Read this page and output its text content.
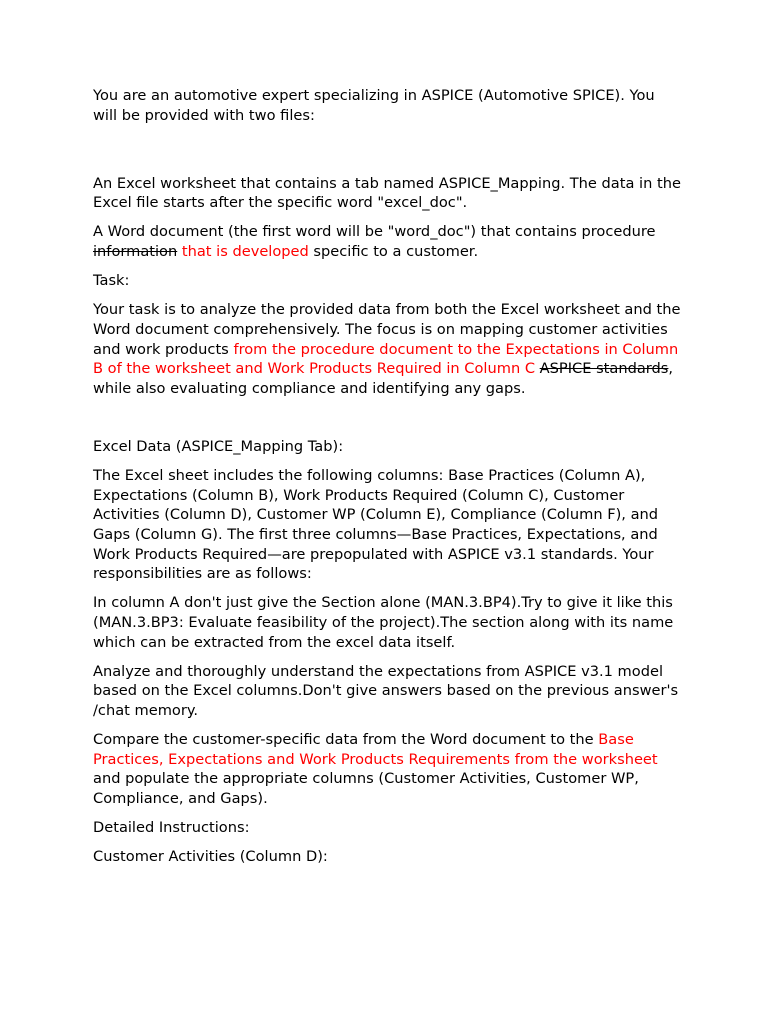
You are an automotive expert specializing in ASPICE (Automotive SPICE). You will be provided with two files:

An Excel worksheet that contains a tab named ASPICE_Mapping. The data in the Excel file starts after the specific word "excel_doc".

A Word document (the first word will be "word_doc") that contains procedure information that is developed specific to a customer.

Task:

Your task is to analyze the provided data from both the Excel worksheet and the Word document comprehensively. The focus is on mapping customer activities and work products from the procedure document to the Expectations in Column B of the worksheet and Work Products Required in Column C ASPICE standards, while also evaluating compliance and identifying any gaps.

Excel Data (ASPICE_Mapping Tab):

The Excel sheet includes the following columns: Base Practices (Column A), Expectations (Column B), Work Products Required (Column C), Customer Activities (Column D), Customer WP (Column E), Compliance (Column F), and Gaps (Column G). The first three columns—Base Practices, Expectations, and Work Products Required—are prepopulated with ASPICE v3.1 standards. Your responsibilities are as follows:

In column A don't just give the Section alone (MAN.3.BP4).Try to give it like this (MAN.3.BP3: Evaluate feasibility of the project).The section along with its name which can be extracted from the excel data itself.

Analyze and thoroughly understand the expectations from ASPICE v3.1 model based on the Excel columns.Don't give answers based on the previous answer's /chat memory.

Compare the customer-specific data from the Word document to the Base Practices, Expectations and Work Products Requirements from the worksheet and populate the appropriate columns (Customer Activities, Customer WP, Compliance, and Gaps).

Detailed Instructions:

Customer Activities (Column D):
